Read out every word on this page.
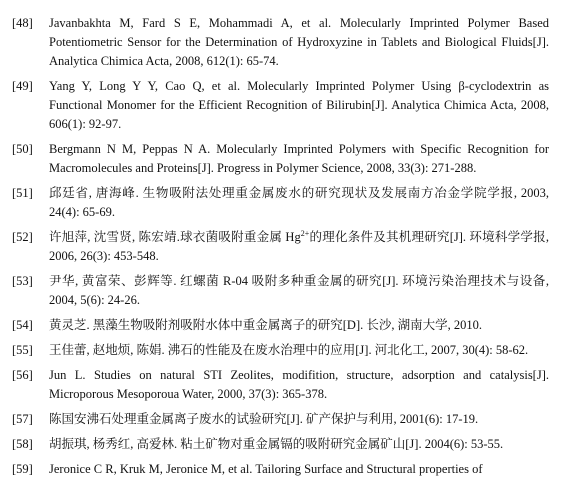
[48] Javanbakhta M, Fard S E, Mohammadi A, et al. Molecularly Imprinted Polymer Based Potentiometric Sensor for the Determination of Hydroxyzine in Tablets and Biological Fluids[J]. Analytica Chimica Acta, 2008, 612(1): 65-74.
[49] Yang Y, Long Y Y, Cao Q, et al. Molecularly Imprinted Polymer Using β-cyclodextrin as Functional Monomer for the Efficient Recognition of Bilirubin[J]. Analytica Chimica Acta, 2008, 606(1): 92-97.
[50] Bergmann N M, Peppas N A. Molecularly Imprinted Polymers with Specific Recognition for Macromolecules and Proteins[J]. Progress in Polymer Science, 2008, 33(3): 271-288.
[51] 邱廷省, 唐海峰. 生物吸附法处理重金属废水的研究现状及发展南方冶金学院学报, 2003, 24(4): 65-69.
[52] 许旭萍, 沈雪贤, 陈宏靖.球衣菌吸附重金属 $Hg^{2+}$的理化条件及其机理研究[J]. 环境科学学报, 2006, 26(3): 453-548.
[53] 尹华, 黄富荣、彭辉等. 红螺菌 R-04 吸附多种重金属的研究[J]. 环境污染治理技术与设备, 2004, 5(6): 24-26.
[54] 黄灵芝. 黑藻生物吸附剂吸附水体中重金属离子的研究[D]. 长沙, 湖南大学, 2010.
[55] 王佳蕾, 赵地烦, 陈娟. 沸石的性能及在废水治理中的应用[J]. 河北化工, 2007, 30(4): 58-62.
[56] Jun L. Studies on natural STI Zeolites, modifition, structure, adsorption and catalysis[J]. Microporous Mesoporoua Water, 2000, 37(3): 365-378.
[57] 陈国安沸石处理重金属离子废水的试验研究[J]. 矿产保护与利用, 2001(6): 17-19.
[58] 胡振琪, 杨秀红, 高爱林. 粘土矿物对重金属镉的吸附研究金属矿山[J]. 2004(6): 53-55.
[59] Jeronice C R, Kruk M, Jeronice M, et al. Tailoring Surface and Structural properties of
